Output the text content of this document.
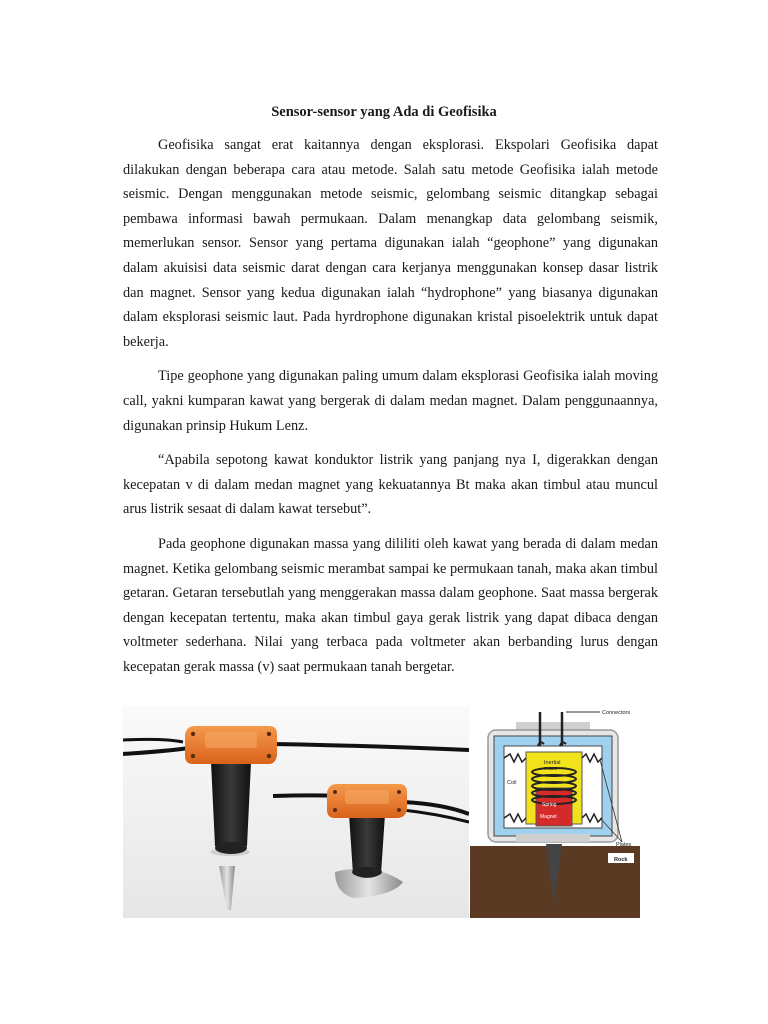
Sensor-sensor yang Ada di Geofisika

Geofisika sangat erat kaitannya dengan eksplorasi. Ekspolari Geofisika dapat dilakukan dengan beberapa cara atau metode. Salah satu metode Geofisika ialah metode seismic. Dengan menggunakan metode seismic, gelombang seismic ditangkap sebagai pembawa informasi bawah permukaan. Dalam menangkap data gelombang seismik, memerlukan sensor. Sensor yang pertama digunakan ialah “geophone” yang digunakan dalam akuisisi data seismic darat dengan cara kerjanya menggunakan konsep dasar listrik dan magnet. Sensor yang kedua digunakan ialah “hydrophone” yang biasanya digunakan dalam eksplorasi seismic laut. Pada hyrdrophone digunakan kristal pisoelektrik untuk dapat bekerja.

Tipe geophone yang digunakan paling umum dalam eksplorasi Geofisika ialah moving call, yakni kumparan kawat yang bergerak di dalam medan magnet. Dalam penggunaannya, digunakan prinsip Hukum Lenz.

“Apabila sepotong kawat konduktor listrik yang panjang nya I, digerakkan dengan kecepatan v di dalam medan magnet yang kekuatannya Bt maka akan timbul atau muncul arus listrik sesaat di dalam kawat tersebut”.

Pada geophone digunakan massa yang dililiti oleh kawat yang berada di dalam medan magnet. Ketika gelombang seismic merambat sampai ke permukaan tanah, maka akan timbul getaran. Getaran tersebutlah yang menggerakan massa dalam geophone. Saat massa bergerak dengan kecepatan tertentu, maka akan timbul gaya gerak listrik yang dapat dibaca dengan voltmeter sederhana. Nilai yang terbaca pada voltmeter akan berbanding lurus dengan kecepatan gerak massa (v) saat permukaan tanah bergetar.

Connectors
Inertial
mass
Coil
Spring
Magnet
Plates
Rock
